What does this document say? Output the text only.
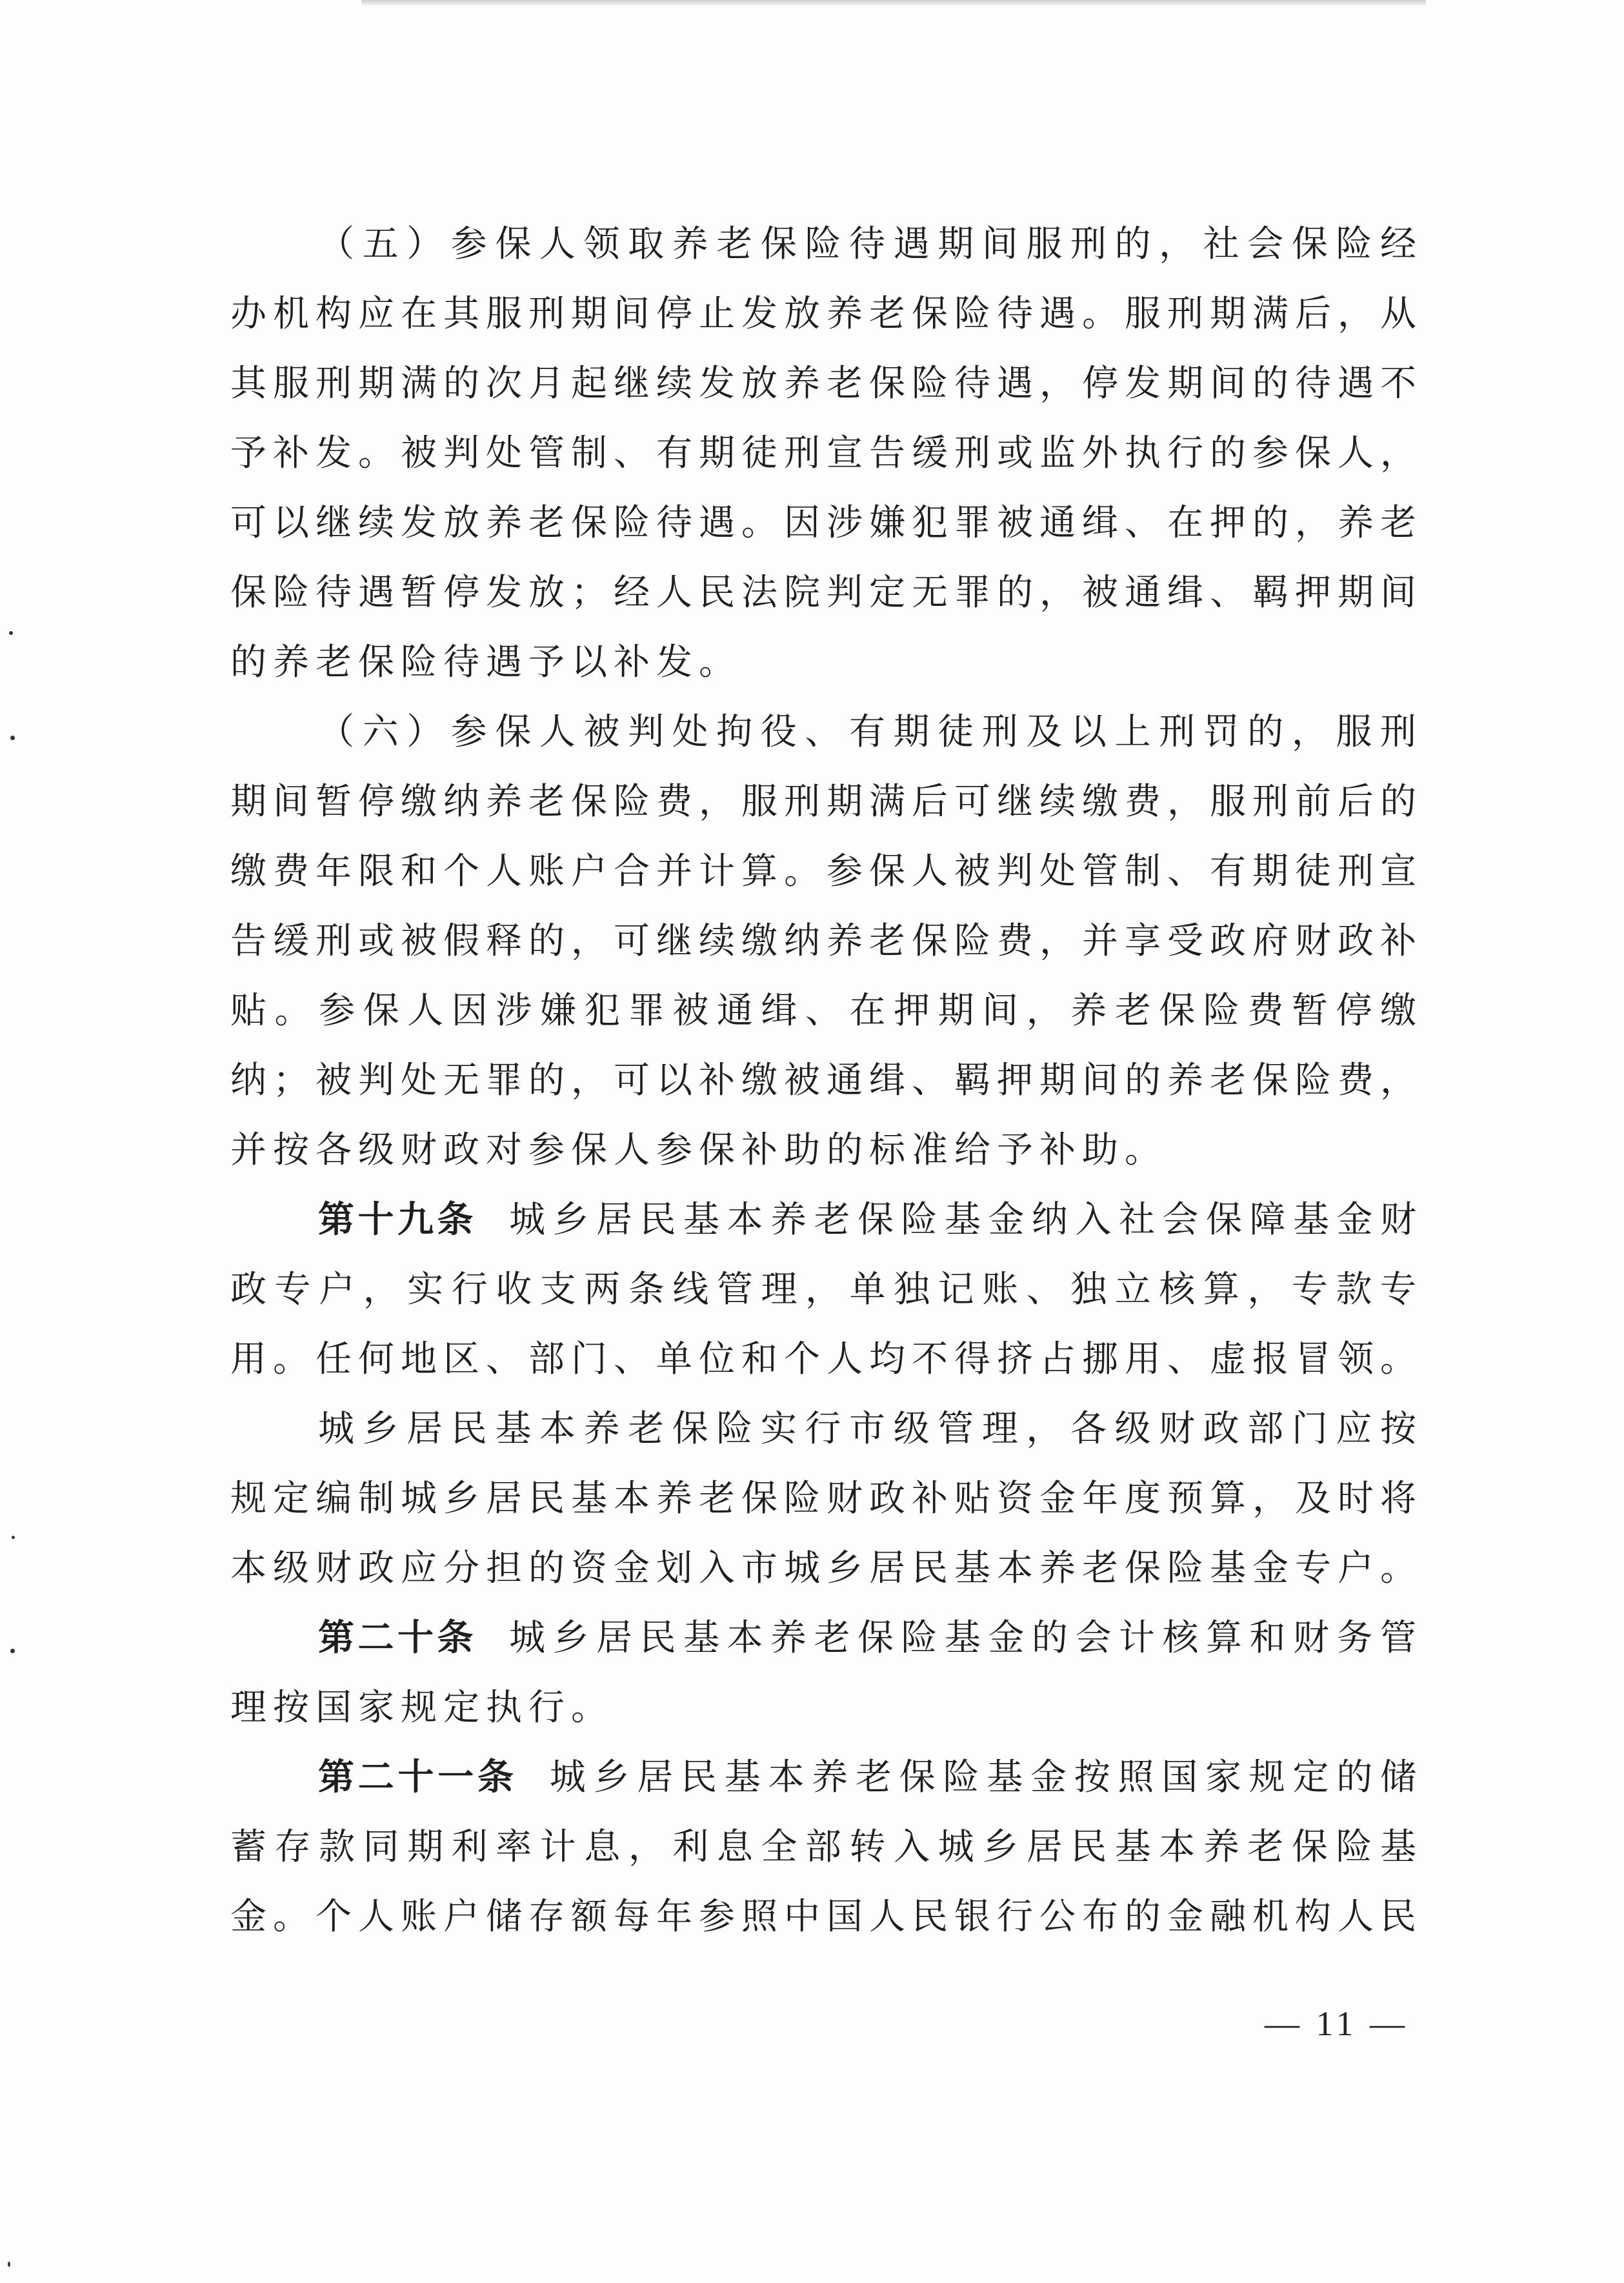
（五）参保人领取养老保险待遇期间服刑的，社会保险经办机构应在其服刑期间停止发放养老保险待遇。服刑期满后，从其服刑期满的次月起继续发放养老保险待遇，停发期间的待遇不予补发。被判处管制、有期徒刑宣告缓刑或监外执行的参保人，可以继续发放养老保险待遇。因涉嫌犯罪被通缉、在押的，养老保险待遇暂停发放；经人民法院判定无罪的，被通缉、羁押期间的养老保险待遇予以补发。

（六）参保人被判处拘役、有期徒刑及以上刑罚的，服刑期间暂停缴纳养老保险费，服刑期满后可继续缴费，服刑前后的缴费年限和个人账户合并计算。参保人被判处管制、有期徒刑宣告缓刑或被假释的，可继续缴纳养老保险费，并享受政府财政补贴。参保人因涉嫌犯罪被通缉、在押期间，养老保险费暂停缴纳；被判处无罪的，可以补缴被通缉、羁押期间的养老保险费，并按各级财政对参保人参保补助的标准给予补助。

第十九条 城乡居民基本养老保险基金纳入社会保障基金财政专户，实行收支两条线管理，单独记账、独立核算，专款专用。任何地区、部门、单位和个人均不得挤占挪用、虚报冒领。

城乡居民基本养老保险实行市级管理，各级财政部门应按规定编制城乡居民基本养老保险财政补贴资金年度预算，及时将本级财政应分担的资金划入市城乡居民基本养老保险基金专户。

第二十条 城乡居民基本养老保险基金的会计核算和财务管理按国家规定执行。

第二十一条 城乡居民基本养老保险基金按照国家规定的储蓄存款同期利率计息，利息全部转入城乡居民基本养老保险基金。个人账户储存额每年参照中国人民银行公布的金融机构人民

— 11 —
